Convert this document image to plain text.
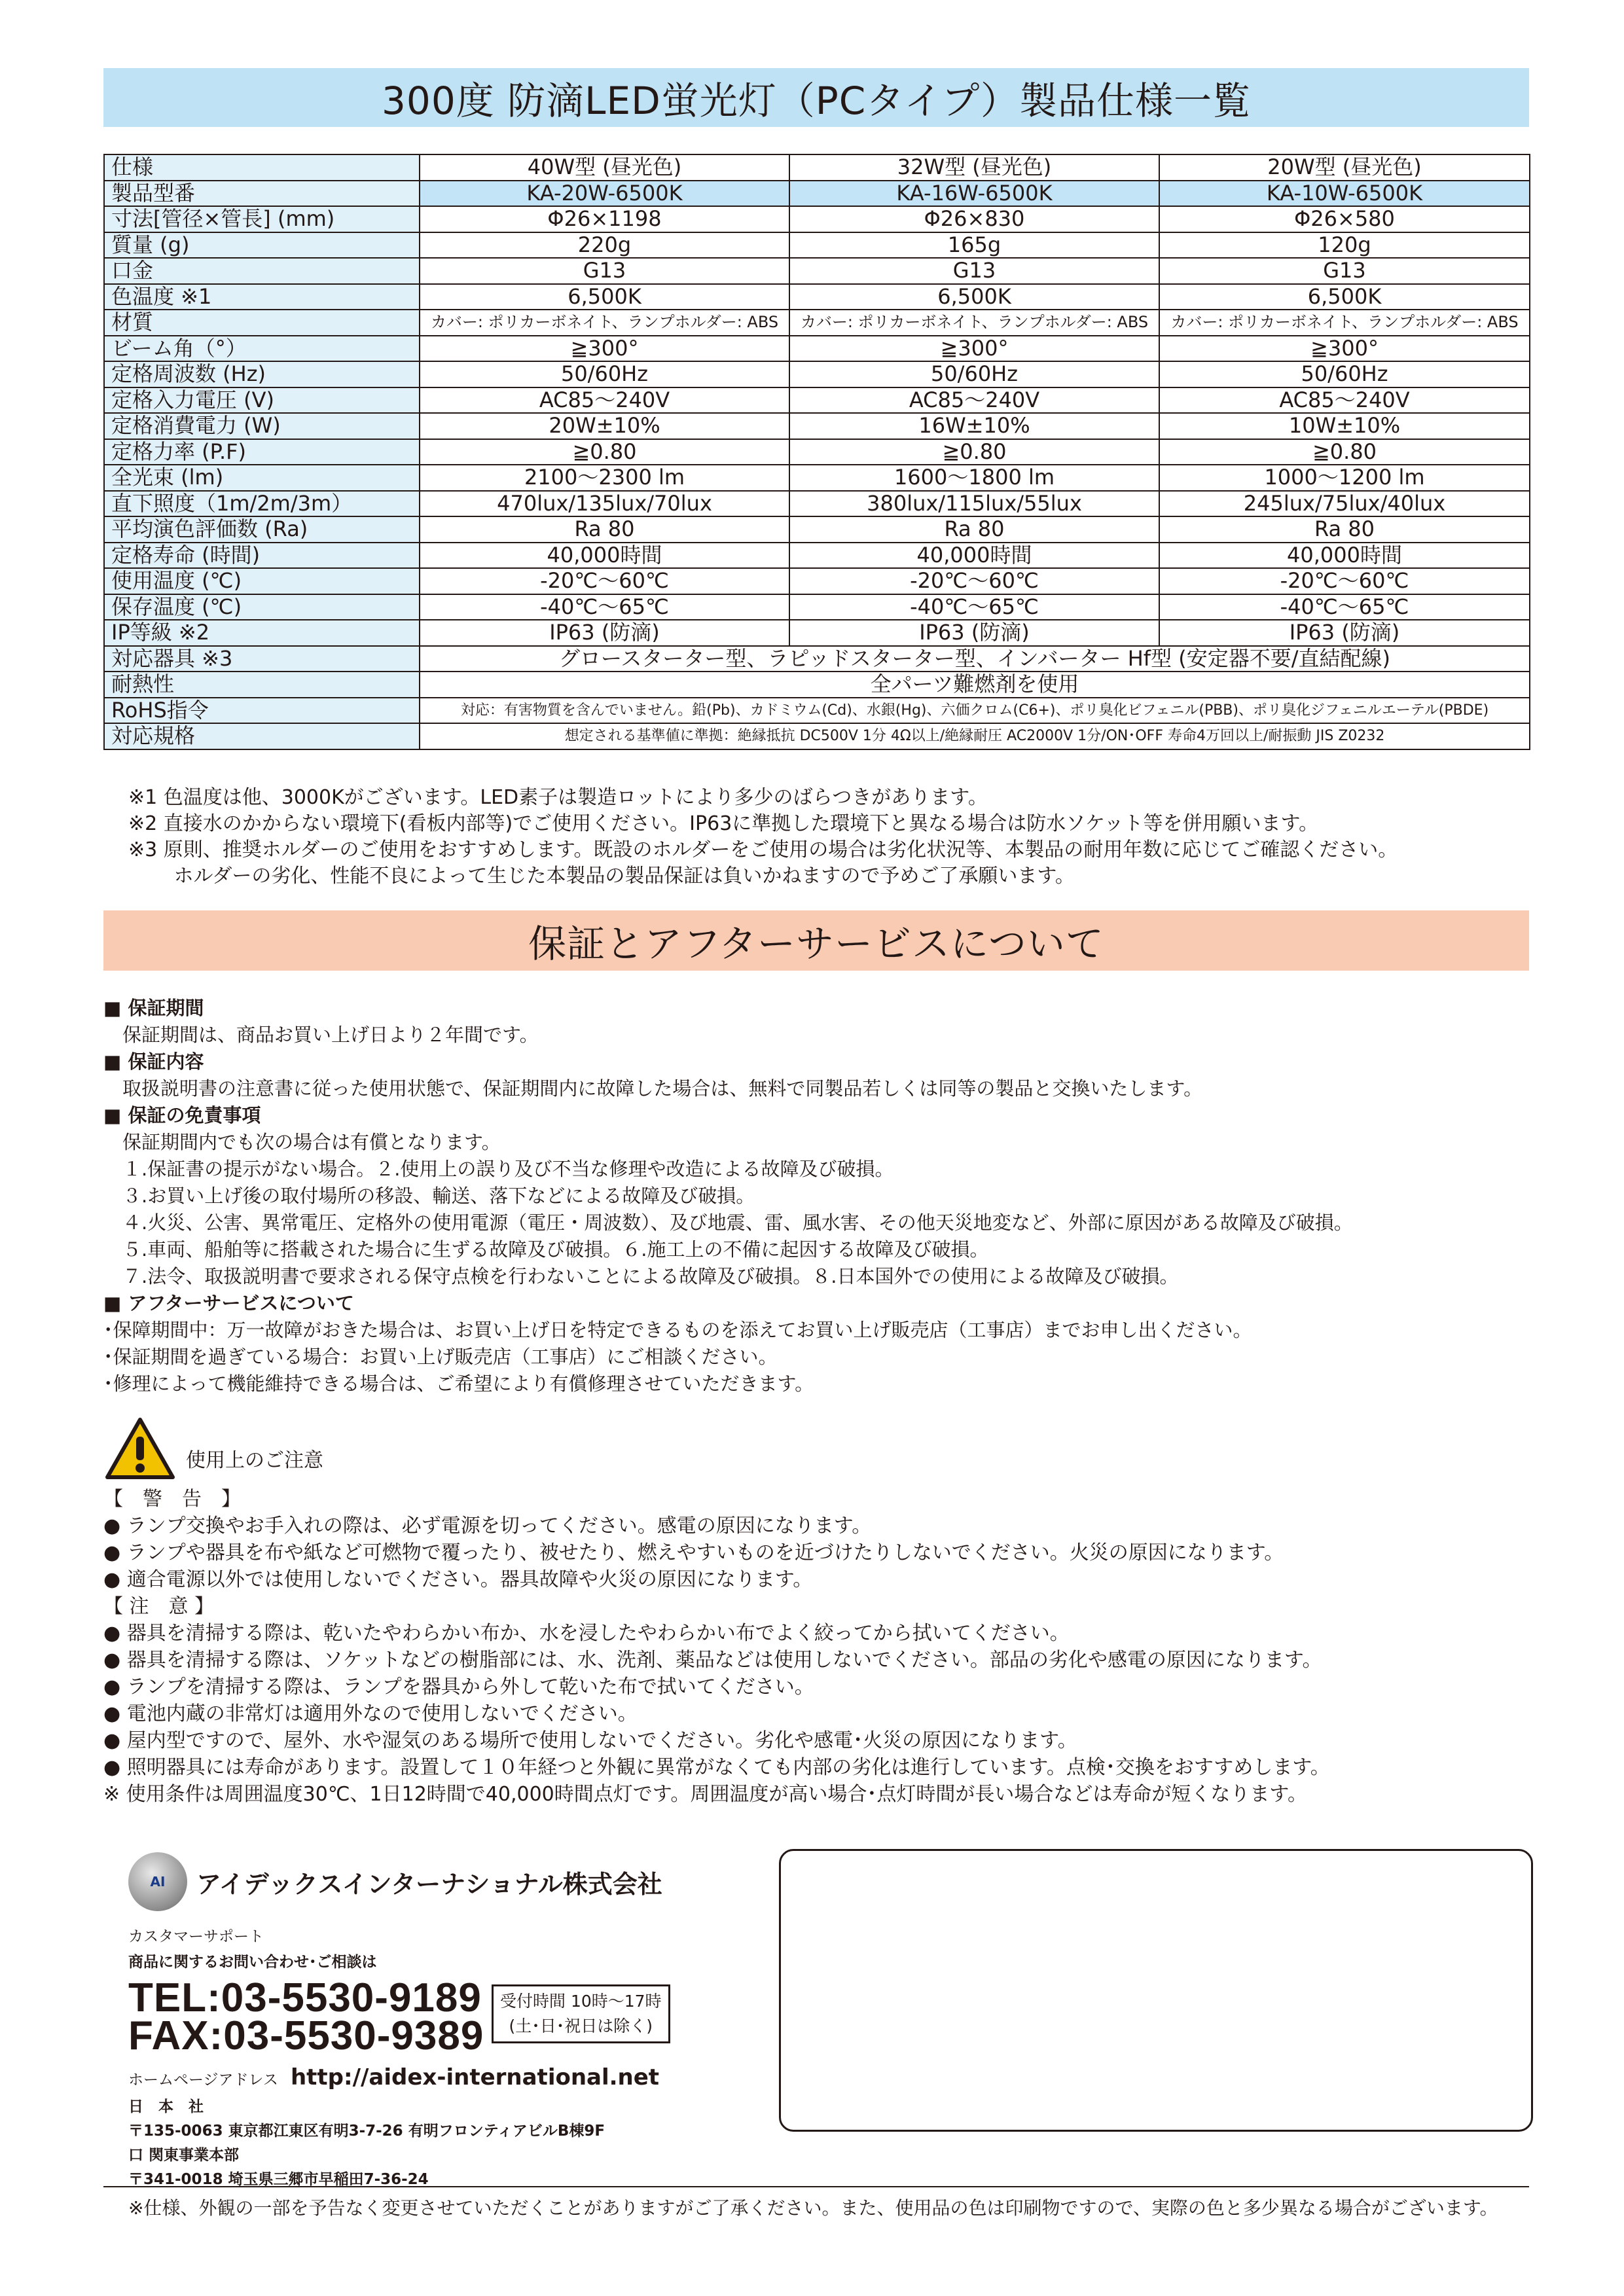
300度 防滴LED蛍光灯（PCタイプ）製品仕様一覧
仕様	40W型 (昼光色)	32W型 (昼光色)	20W型 (昼光色)
製品型番	KA-20W-6500K	KA-16W-6500K	KA-10W-6500K
寸法[管径×管長] (mm)	Φ26×1198	Φ26×830	Φ26×580
質量 (g)	220g	165g	120g
口金	G13	G13	G13
色温度 ※1	6,500K	6,500K	6,500K
材質	カバー: ポリカーボネイト、ランプホルダー: ABS	カバー: ポリカーボネイト、ランプホルダー: ABS	カバー: ポリカーボネイト、ランプホルダー: ABS
ビーム角（°）	≧300°	≧300°	≧300°
定格周波数 (Hz)	50/60Hz	50/60Hz	50/60Hz
定格入力電圧 (V)	AC85～240V	AC85～240V	AC85～240V
定格消費電力 (W)	20W±10%	16W±10%	10W±10%
定格力率 (P.F)	≧0.80	≧0.80	≧0.80
全光束 (lm)	2100～2300 lm	1600～1800 lm	1000～1200 lm
直下照度（1m/2m/3m）	470lux/135lux/70lux	380lux/115lux/55lux	245lux/75lux/40lux
平均演色評価数 (Ra)	Ra 80	Ra 80	Ra 80
定格寿命 (時間)	40,000時間	40,000時間	40,000時間
使用温度 (℃)	-20℃～60℃	-20℃～60℃	-20℃～60℃
保存温度 (℃)	-40℃～65℃	-40℃～65℃	-40℃～65℃
IP等級 ※2	IP63 (防滴)	IP63 (防滴)	IP63 (防滴)
対応器具 ※3	グロースターター型、ラピッドスターター型、インバーター Hf型 (安定器不要/直結配線)		
耐熱性	全パーツ難燃剤を使用		
RoHS指令	対応：有害物質を含んでいません。鉛(Pb)、カドミウム(Cd)、水銀(Hg)、六価クロム(C6+)、ポリ臭化ビフェニル(PBB)、ポリ臭化ジフェニルエーテル(PBDE)		
対応規格	想定される基準値に準拠：絶縁抵抗 DC500V 1分 4Ω以上/絶縁耐圧 AC2000V 1分/ON･OFF 寿命4万回以上/耐振動 JIS Z0232		
※1 色温度は他、3000Kがございます。LED素子は製造ロットにより多少のばらつきがあります。
※2 直接水のかからない環境下(看板内部等)でご使用ください。IP63に準拠した環境下と異なる場合は防水ソケット等を併用願います。
※3 原則、推奨ホルダーのご使用をおすすめします。既設のホルダーをご使用の場合は劣化状況等、本製品の耐用年数に応じてご確認ください。
　　 ホルダーの劣化、性能不良によって生じた本製品の製品保証は負いかねますので予めご了承願います。
保証とアフターサービスについて
■ 保証期間
　保証期間は、商品お買い上げ日より２年間です。
■ 保証内容
　取扱説明書の注意書に従った使用状態で、保証期間内に故障した場合は、無料で同製品若しくは同等の製品と交換いたします。
■ 保証の免責事項
　保証期間内でも次の場合は有償となります。
　１.保証書の提示がない場合。２.使用上の誤り及び不当な修理や改造による故障及び破損。
　３.お買い上げ後の取付場所の移設、輸送、落下などによる故障及び破損。
　４.火災、公害、異常電圧、定格外の使用電源（電圧・周波数）、及び地震、雷、風水害、その他天災地変など、外部に原因がある故障及び破損。
　５.車両、船舶等に搭載された場合に生ずる故障及び破損。６.施工上の不備に起因する故障及び破損。
　７.法令、取扱説明書で要求される保守点検を行わないことによる故障及び破損。８.日本国外での使用による故障及び破損。
■ アフターサービスについて
･保障期間中：万一故障がおきた場合は、お買い上げ日を特定できるものを添えてお買い上げ販売店（工事店）までお申し出ください。
･保証期間を過ぎている場合：お買い上げ販売店（工事店）にご相談ください。
･修理によって機能維持できる場合は、ご希望により有償修理させていただきます。
使用上のご注意
【　警　告　】
● ランプ交換やお手入れの際は、必ず電源を切ってください。感電の原因になります。
● ランプや器具を布や紙など可燃物で覆ったり、被せたり、燃えやすいものを近づけたりしないでください。火災の原因になります。
● 適合電源以外では使用しないでください。器具故障や火災の原因になります。
【 注　意 】
● 器具を清掃する際は、乾いたやわらかい布か、水を浸したやわらかい布でよく絞ってから拭いてください。
● 器具を清掃する際は、ソケットなどの樹脂部には、水、洗剤、薬品などは使用しないでください。部品の劣化や感電の原因になります。
● ランプを清掃する際は、ランプを器具から外して乾いた布で拭いてください。
● 電池内蔵の非常灯は適用外なので使用しないでください。
● 屋内型ですので、屋外、水や湿気のある場所で使用しないでください。劣化や感電･火災の原因になります。
● 照明器具には寿命があります。設置して１０年経つと外観に異常がなくても内部の劣化は進行しています。点検･交換をおすすめします。
※ 使用条件は周囲温度30℃、1日12時間で40,000時間点灯です。周囲温度が高い場合･点灯時間が長い場合などは寿命が短くなります。
AI	アイデックスインターナショナル株式会社
カスタマーサポート
商品に関するお問い合わせ･ご相談は
TEL:03-5530-9189
FAX:03-5530-9389
受付時間 10時～17時
(土･日･祝日は除く)
ホームページアドレス http://aidex-international.net
日　本　社
〒135-0063 東京都江東区有明3-7-26 有明フロンティアビルB棟9F
口 関東事業本部
〒341-0018 埼玉県三郷市早稲田7-36-24
※仕様、外観の一部を予告なく変更させていただくことがありますがご了承ください。また、使用品の色は印刷物ですので、実際の色と多少異なる場合がございます。
